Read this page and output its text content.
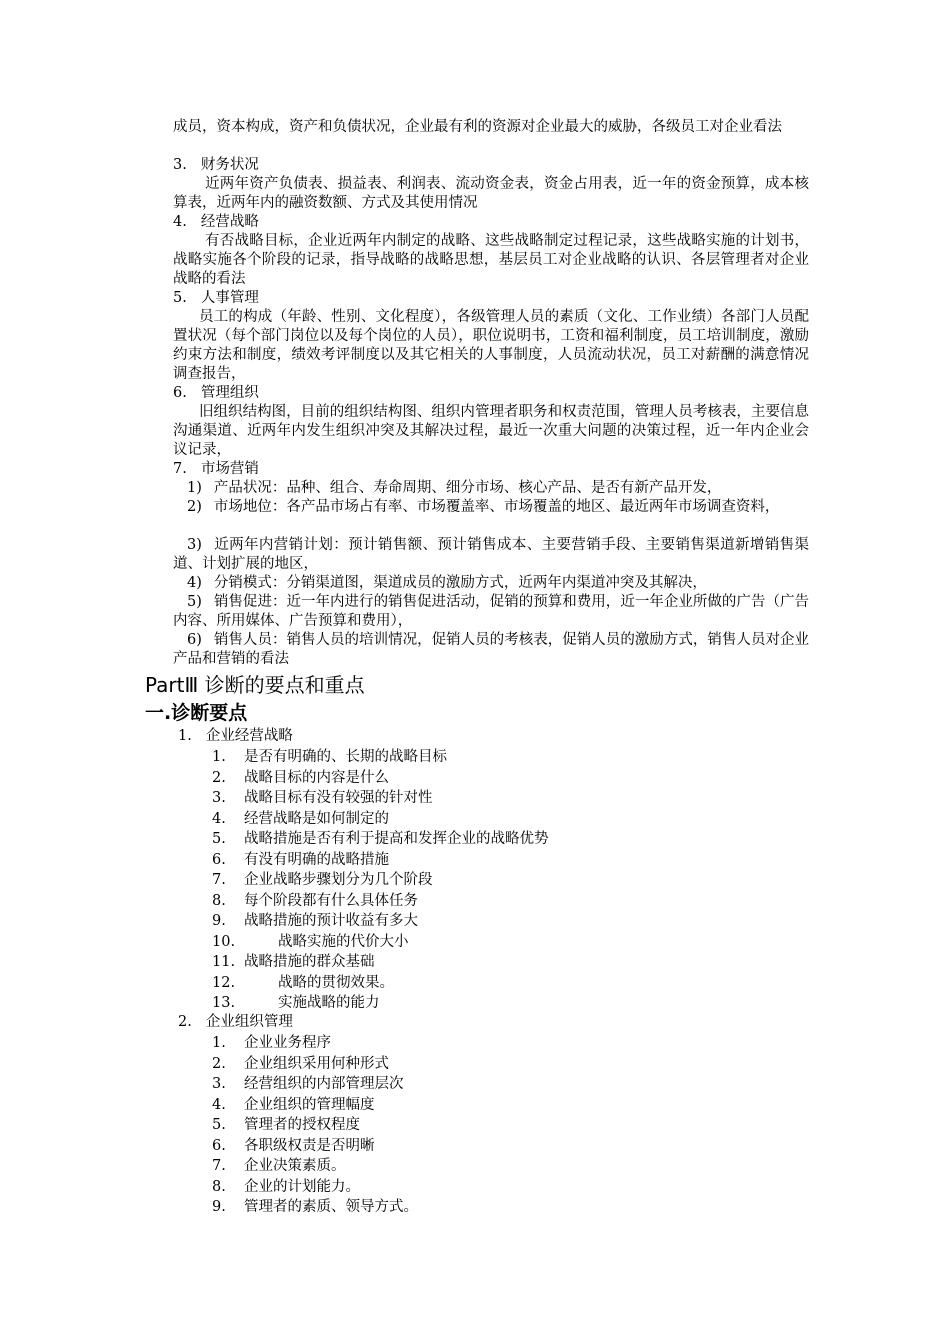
成员，资本构成，资产和负债状况，企业最有利的资源对企业最大的威胁，各级员工对企业看法
3. 财务状况
近两年资产负债表、损益表、利润表、流动资金表，资金占用表，近一年的资金预算，成本核算表，近两年内的融资数额、方式及其使用情况
4. 经营战略
有否战略目标，企业近两年内制定的战略、这些战略制定过程记录，这些战略实施的计划书，战略实施各个阶段的记录，指导战略的战略思想，基层员工对企业战略的认识、各层管理者对企业战略的看法
5. 人事管理
员工的构成（年龄、性别、文化程度），各级管理人员的素质（文化、工作业绩）各部门人员配置状况（每个部门岗位以及每个岗位的人员），职位说明书，工资和福利制度，员工培训制度，激励约束方法和制度，绩效考评制度以及其它相关的人事制度，人员流动状况，员工对薪酬的满意情况调查报告，
6. 管理组织
旧组织结构图，目前的组织结构图、组织内管理者职务和权责范围，管理人员考核表，主要信息沟通渠道、近两年内发生组织冲突及其解决过程，最近一次重大问题的决策过程，近一年内企业会议记录，
7. 市场营销
1) 产品状况：品种、组合、寿命周期、细分市场、核心产品、是否有新产品开发，
2) 市场地位：各产品市场占有率、市场覆盖率、市场覆盖的地区、最近两年市场调查资料，
3) 近两年内营销计划：预计销售额、预计销售成本、主要营销手段、主要销售渠道新增销售渠道、计划扩展的地区，
4) 分销模式：分销渠道图，渠道成员的激励方式，近两年内渠道冲突及其解决，
5) 销售促进：近一年内进行的销售促进活动，促销的预算和费用，近一年企业所做的广告（广告内容、所用媒体、广告预算和费用），
6) 销售人员：销售人员的培训情况，促销人员的考核表，促销人员的激励方式，销售人员对企业产品和营销的看法
PartⅢ 诊断的要点和重点
一.诊断要点
1. 企业经营战略
1. 是否有明确的、长期的战略目标
2. 战略目标的内容是什么
3. 战略目标有没有较强的针对性
4. 经营战略是如何制定的
5. 战略措施是否有利于提高和发挥企业的战略优势
6. 有没有明确的战略措施
7. 企业战略步骤划分为几个阶段
8. 每个阶段都有什么具体任务
9. 战略措施的预计收益有多大
10.	战略实施的代价大小
11. 战略措施的群众基础
12.	战略的贯彻效果。
13.	实施战略的能力
2. 企业组织管理
1. 企业业务程序
2. 企业组织采用何种形式
3. 经营组织的内部管理层次
4. 企业组织的管理幅度
5. 管理者的授权程度
6. 各职级权责是否明晰
7. 企业决策素质。
8. 企业的计划能力。
9. 管理者的素质、领导方式。
